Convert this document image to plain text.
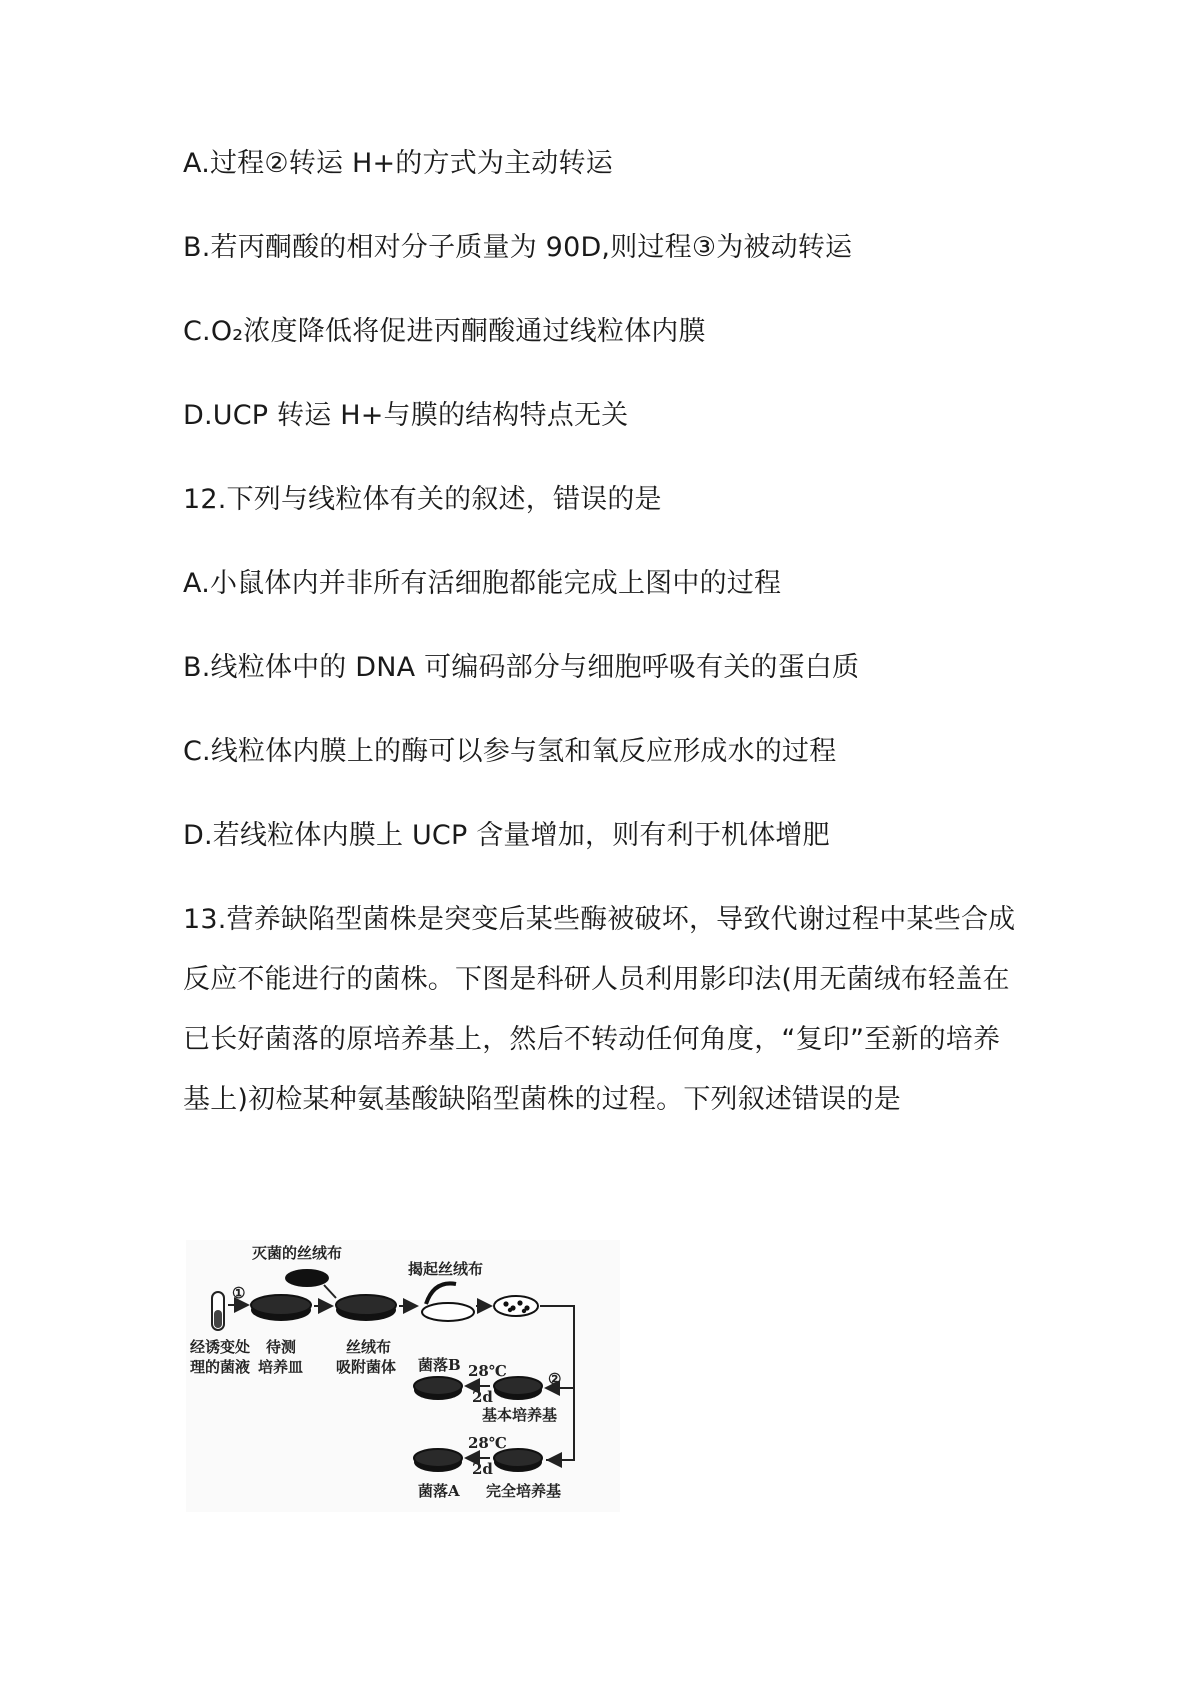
A.过程②转运 H+的方式为主动转运
B.若丙酮酸的相对分子质量为 90D,则过程③为被动转运
C.O₂浓度降低将促进丙酮酸通过线粒体内膜
D.UCP 转运 H+与膜的结构特点无关
12.下列与线粒体有关的叙述，错误的是
A.小鼠体内并非所有活细胞都能完成上图中的过程
B.线粒体中的 DNA 可编码部分与细胞呼吸有关的蛋白质
C.线粒体内膜上的酶可以参与氢和氧反应形成水的过程
D.若线粒体内膜上 UCP 含量增加，则有利于机体增肥
13.营养缺陷型菌株是突变后某些酶被破坏，导致代谢过程中某些合成
反应不能进行的菌株。下图是科研人员利用影印法(用无菌绒布轻盖在
已长好菌落的原培养基上，然后不转动任何角度，“复印”至新的培养
基上)初检某种氨基酸缺陷型菌株的过程。下列叙述错误的是
①
灭菌的丝绒布
揭起丝绒布
②
经诱变处
理的菌液
待测
培养皿
丝绒布
吸附菌体 菌落B 28℃
2d
基本培养基
28℃
2d
菌落A 完全培养基
